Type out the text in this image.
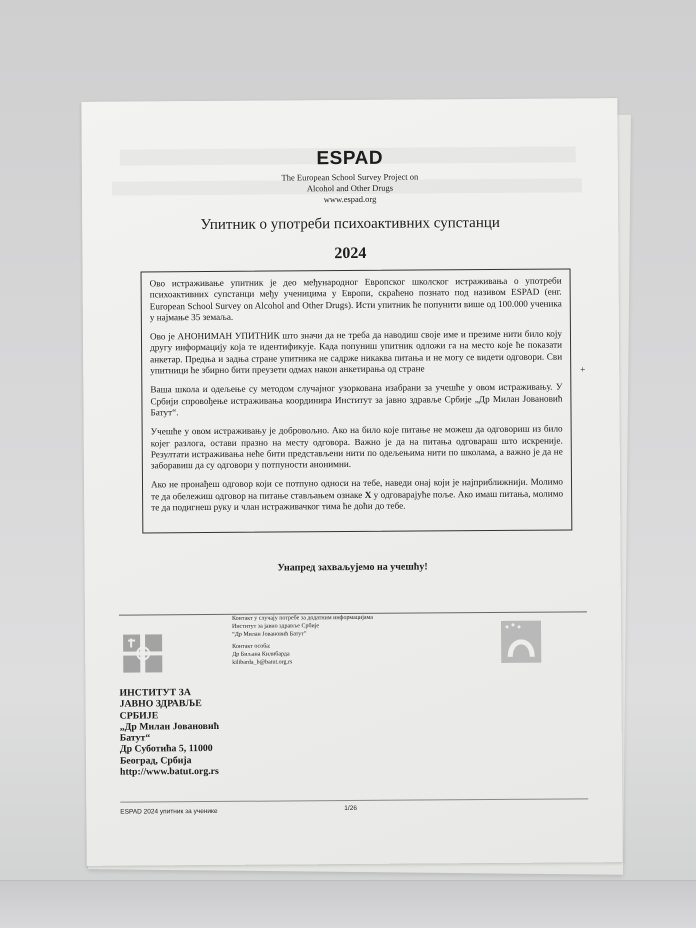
ESPAD
The European School Survey Project on
Alcohol and Other Drugs
www.espad.org
Упитник о употреби психоактивних супстанци
2024

Ово истраживање упитник је део међународног Европског школског истраживања о употреби психоактивних супстанци међу ученицима у Европи, скраћено познато под називом ESPAD (енг. European School Survey on Alcohol and Other Drugs). Исти упитник ће попунити више од 100.000 ученика у најмање 35 земаља.

Ово је АНОНИМАН УПИТНИК што значи да не треба да наводиш своје име и презиме нити било коју другу информацију која те идентификује. Када попуниш упитник одложи га на место које ће показати анкетар. Предња и задња стране упитника не садрже никаква питања и не могу се видети одговори. Сви упитници ће збирно бити преузети одмах након анкетирања од стране

Ваша школа и одељење су методом случајног узоркована изабрани за учешће у овом истраживању. У Србији спровођење истраживања координира Институт за јавно здравље Србије „Др Милан Јовановић Батут“.

Учешће у овом истраживању је добровољно. Ако на било које питање не можеш да одговориш из било којег разлога, остави празно на месту одговора. Важно је да на питања одговараш што искреније. Резултати истраживања неће бити представљени нити по одељењима нити по школама, а важно је да не заборавиш да су одговори у потпуности анонимни.

Ако не пронађеш одговор који се потпуно односи на тебе, наведи онај који је најприближнији. Молимо те да обележиш одговор на питање стављањем ознаке X у одговарајуће поље. Ако имаш питања, молимо те да подигнеш руку и члан истраживачког тима ће доћи до тебе.

+
Унапред захваљујемо на учешћу!
Контакт у случају потребе за додатним информацијама
Институт за јавно здравље Србије
“Др Милан Јовановић Батут”
Контакт особа:
Др Биљана Килибарда
kilibarda_b@batut.org.rs
ИНСТИТУТ ЗА
ЈАВНО ЗДРАВЉЕ
СРБИЈЕ
„Др Милан Јовановић
Батут“
Др Суботића 5, 11000
Београд, Србија
http://www.batut.org.rs
ESPAD 2024 упитник за ученике	1/26
